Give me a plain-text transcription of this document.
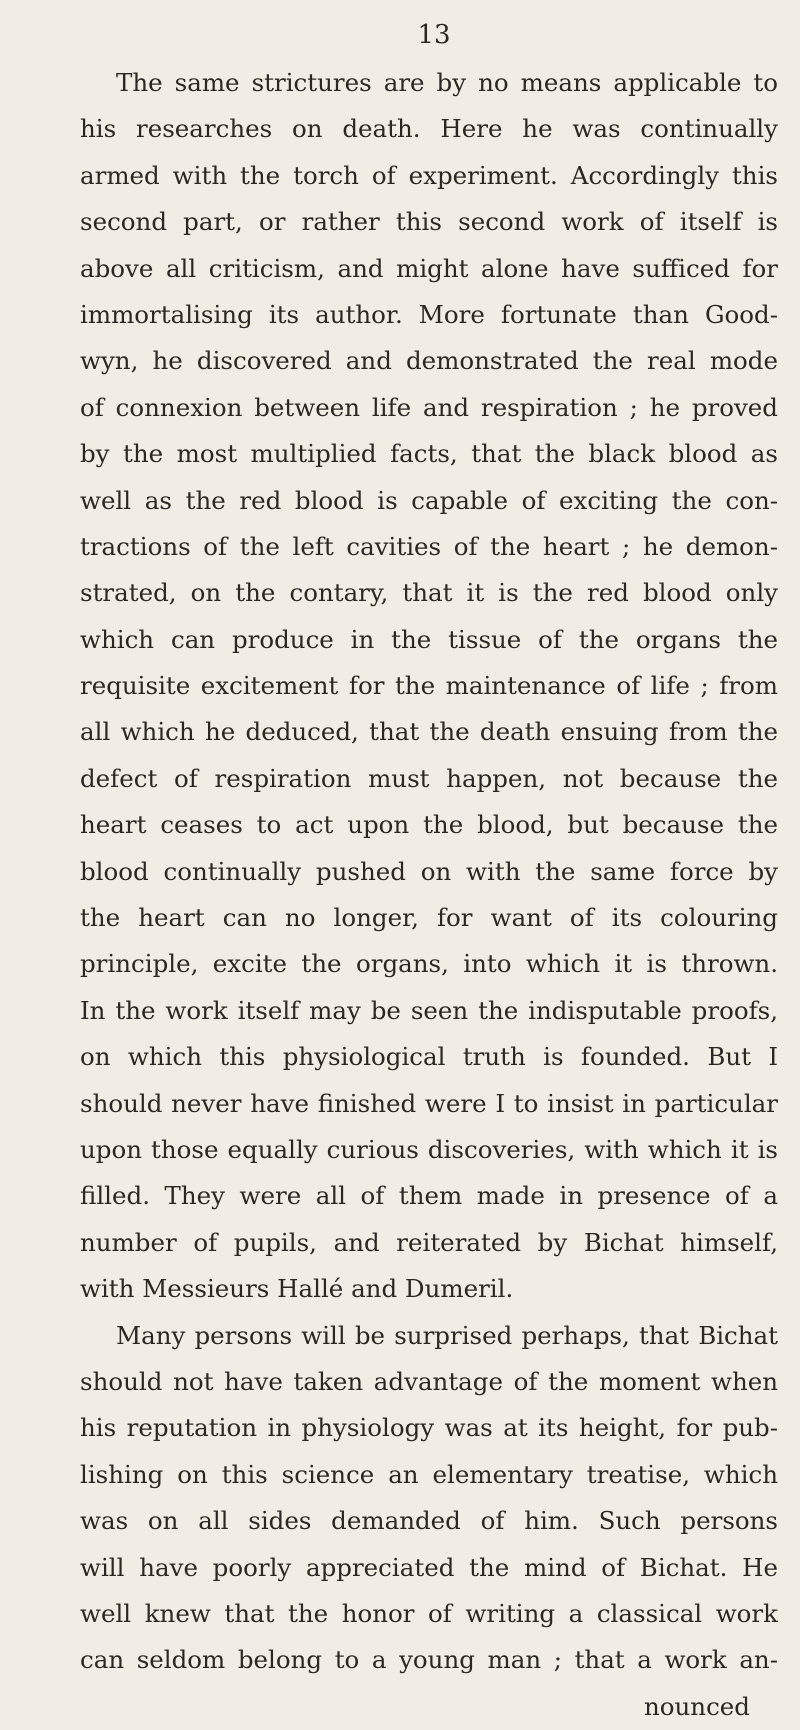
13
The same strictures are by no means applicable to
his researches on death. Here he was continually
armed with the torch of experiment. Accordingly this
second part, or rather this second work of itself is
above all criticism, and might alone have sufficed for
immortalising its author. More fortunate than Good-
wyn, he discovered and demonstrated the real mode
of connexion between life and respiration ; he proved
by the most multiplied facts, that the black blood as
well as the red blood is capable of exciting the con-
tractions of the left cavities of the heart ; he demon-
strated, on the contary, that it is the red blood only
which can produce in the tissue of the organs the
requisite excitement for the maintenance of life ; from
all which he deduced, that the death ensuing from the
defect of respiration must happen, not because the
heart ceases to act upon the blood, but because the
blood continually pushed on with the same force by
the heart can no longer, for want of its colouring
principle, excite the organs, into which it is thrown.
In the work itself may be seen the indisputable proofs,
on which this physiological truth is founded. But I
should never have finished were I to insist in particular
upon those equally curious discoveries, with which it is
filled. They were all of them made in presence of a
number of pupils, and reiterated by Bichat himself,
with Messieurs Hallé and Dumeril.
Many persons will be surprised perhaps, that Bichat
should not have taken advantage of the moment when
his reputation in physiology was at its height, for pub-
lishing on this science an elementary treatise, which
was on all sides demanded of him. Such persons
will have poorly appreciated the mind of Bichat. He
well knew that the honor of writing a classical work
can seldom belong to a young man ; that a work an-
nounced
